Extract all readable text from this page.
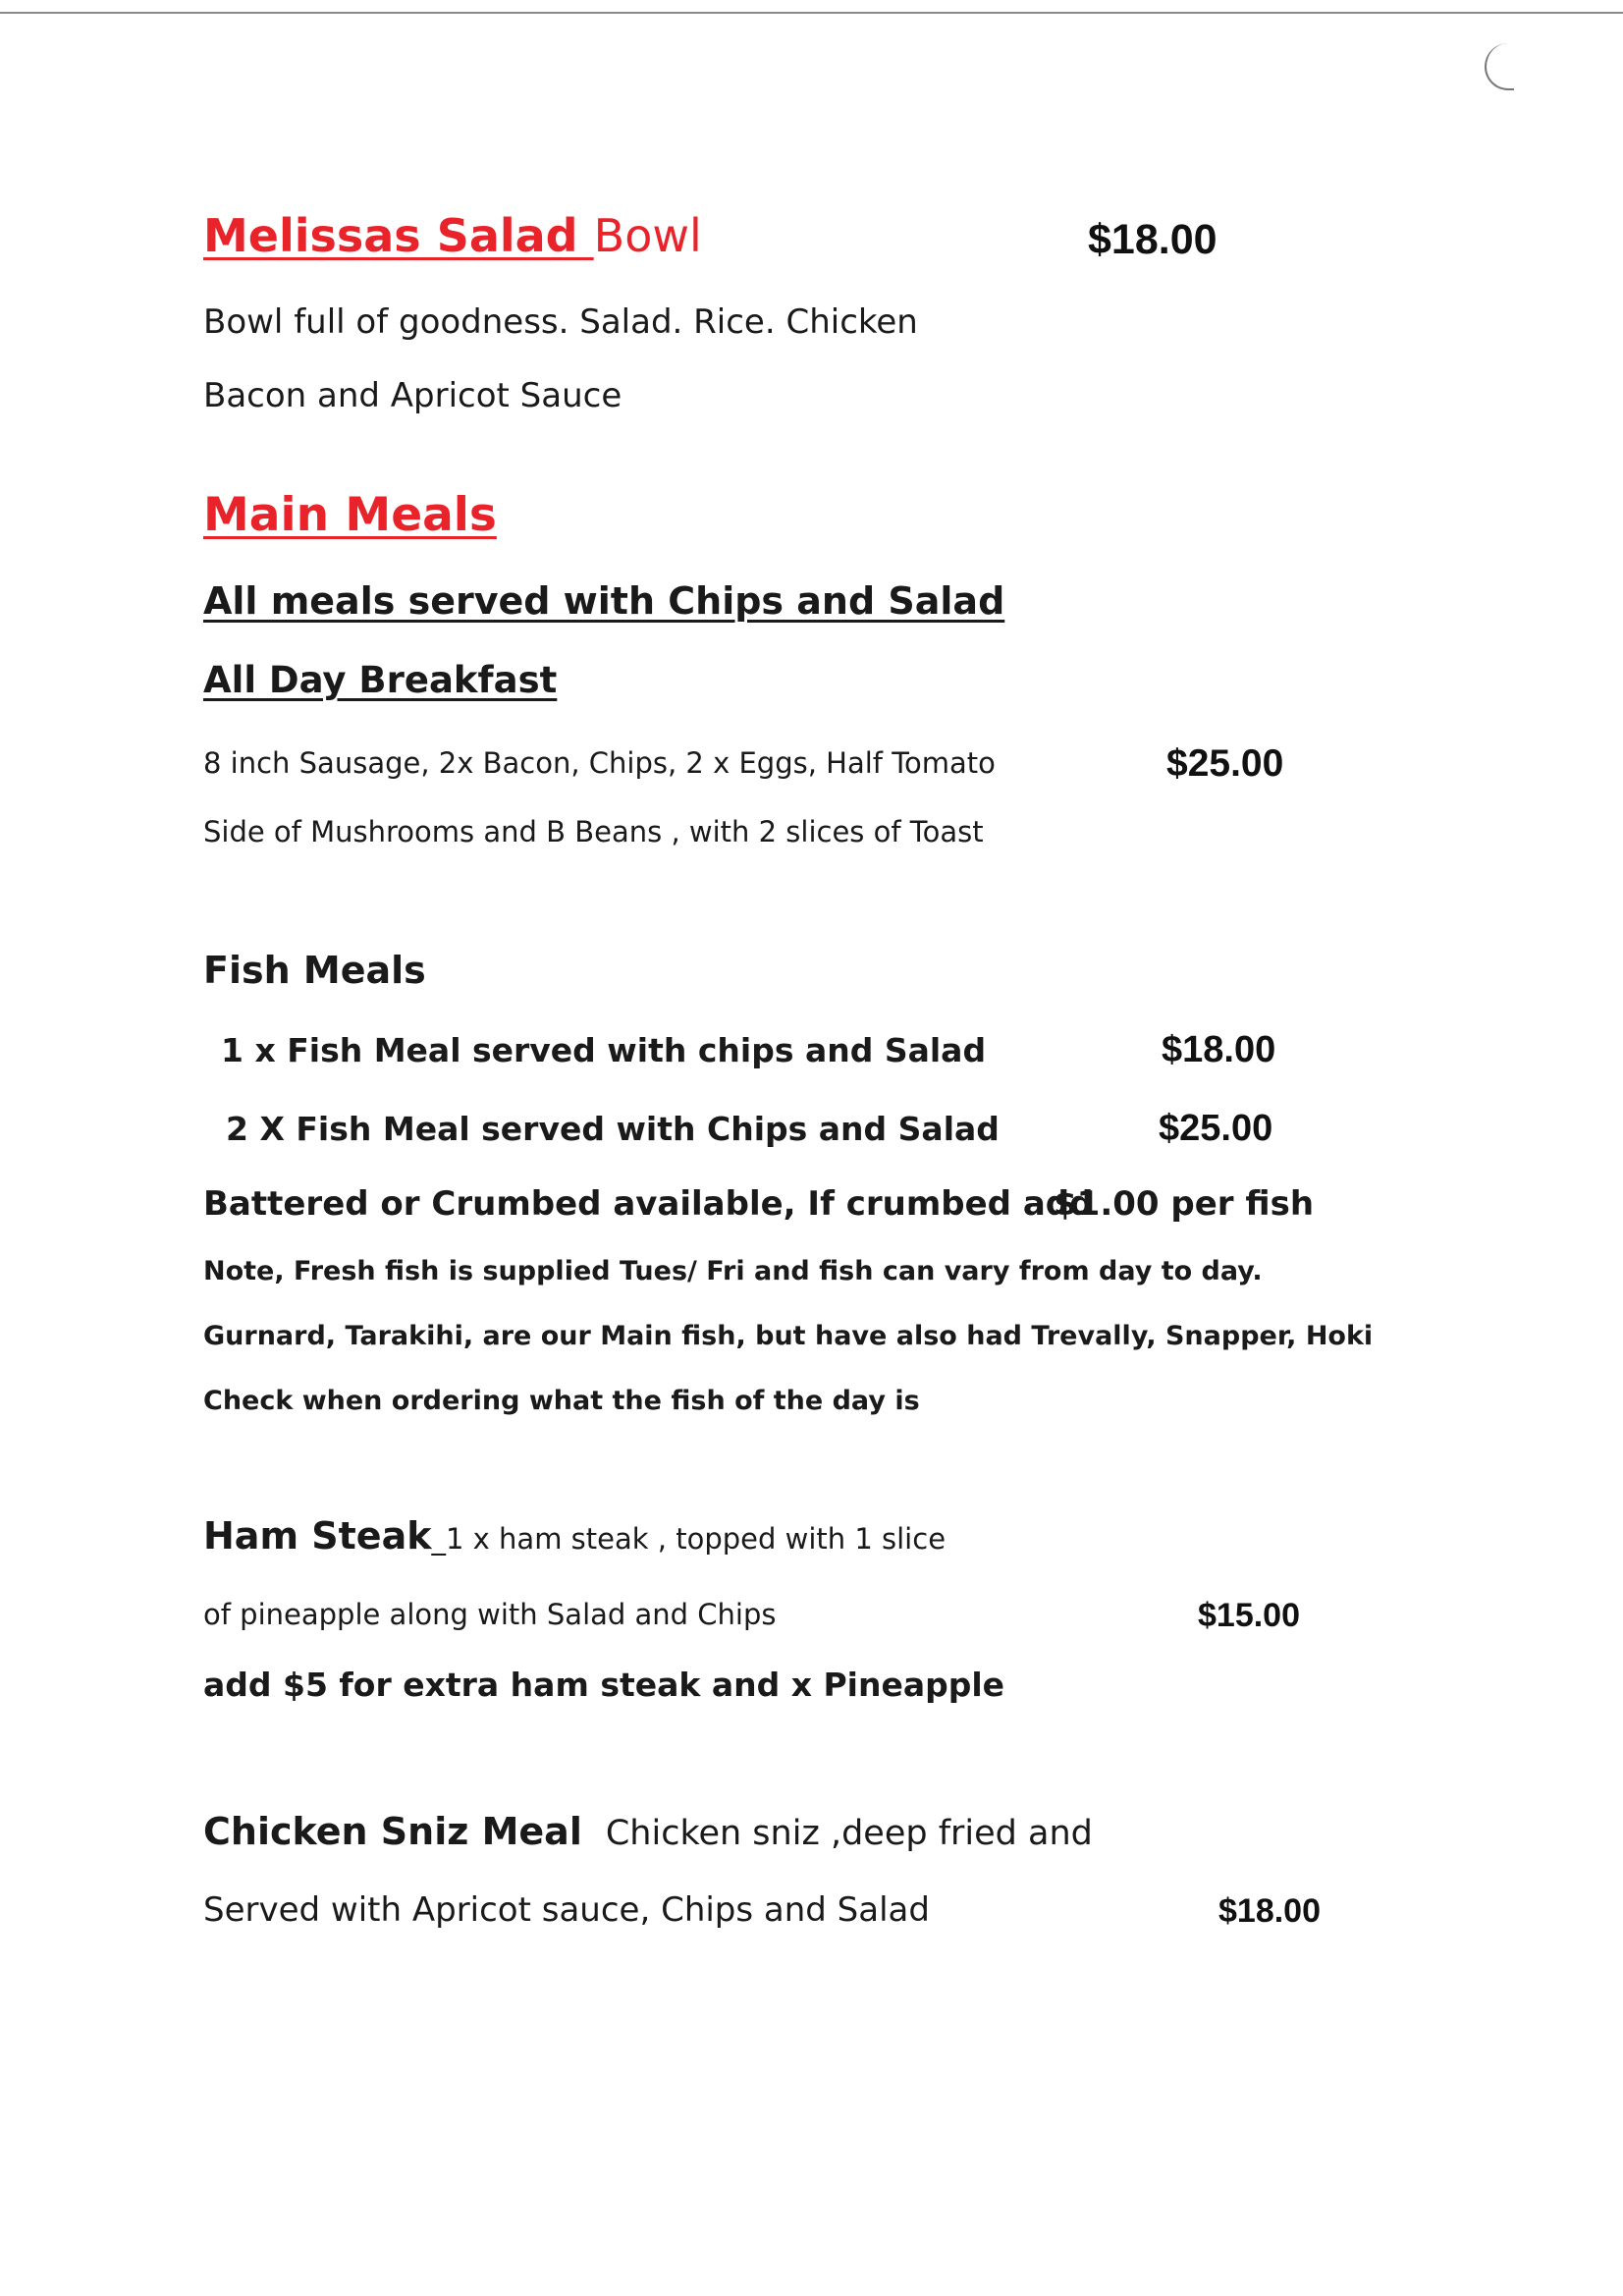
Melissas Salad Bowl	$18.00
Bowl full of goodness. Salad. Rice. Chicken
Bacon and Apricot Sauce
Main Meals
All meals served with Chips and Salad
All Day Breakfast
8 inch Sausage, 2x Bacon, Chips, 2 x Eggs, Half Tomato	$25.00
Side of Mushrooms and B Beans , with 2 slices of Toast
Fish Meals
1 x Fish Meal served with chips and Salad	$18.00
2 X Fish Meal served with Chips and Salad	$25.00
Battered or Crumbed available, If crumbed add
$1.00 per fish
Note, Fresh fish is supplied Tues/ Fri and fish can vary from day to day.
Gurnard, Tarakihi, are our Main fish, but have also had Trevally, Snapper, Hoki
Check when ordering what the fish of the day is
Ham Steak_1 x ham steak , topped with 1 slice
of pineapple along with Salad and Chips	$15.00
add $5 for extra ham steak and x Pineapple
Chicken Sniz Meal Chicken sniz ,deep fried and
Served with Apricot sauce, Chips and Salad	$18.00
